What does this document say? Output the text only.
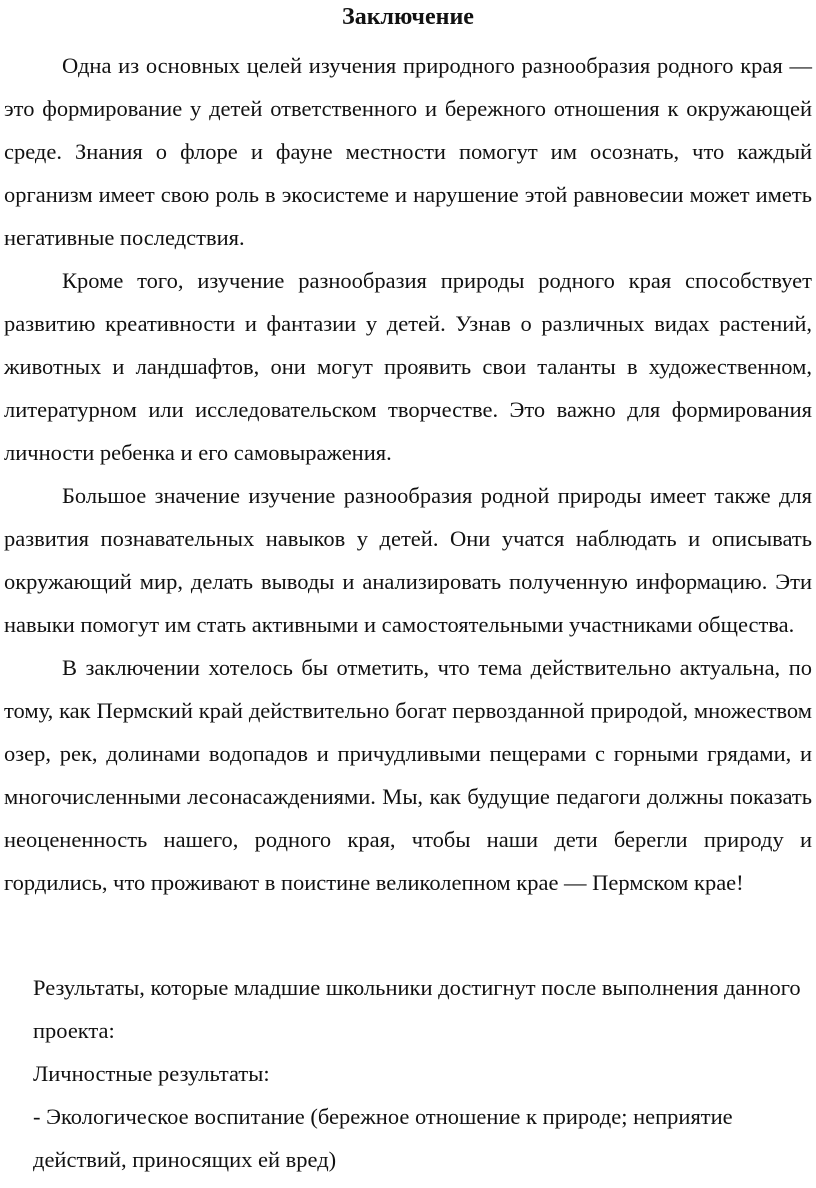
Заключение

Одна из основных целей изучения природного разнообразия родного края — это формирование у детей ответственного и бережного отношения к окружающей среде. Знания о флоре и фауне местности помогут им осознать, что каждый организм имеет свою роль в экосистеме и нарушение этой равновесии может иметь негативные последствия.

Кроме того, изучение разнообразия природы родного края способствует развитию креативности и фантазии у детей. Узнав о различных видах растений, животных и ландшафтов, они могут проявить свои таланты в художественном, литературном или исследовательском творчестве. Это важно для формирования личности ребенка и его самовыражения.

Большое значение изучение разнообразия родной природы имеет также для развития познавательных навыков у детей. Они учатся наблюдать и описывать окружающий мир, делать выводы и анализировать полученную информацию. Эти навыки помогут им стать активными и самостоятельными участниками общества.

В заключении хотелось бы отметить, что тема действительно актуальна, по тому, как Пермский край действительно богат первозданной природой, множеством озер, рек, долинами водопадов и причудливыми пещерами с горными грядами, и многочисленными лесонасаждениями. Мы, как будущие педагоги должны показать неоцененность нашего, родного края, чтобы наши дети берегли природу и гордились, что проживают в поистине великолепном крае — Пермском крае!

Результаты, которые младшие школьники достигнут после выполнения данного проекта:

Личностные результаты:

- Экологическое воспитание (бережное отношение к природе; неприятие действий, приносящих ей вред)
